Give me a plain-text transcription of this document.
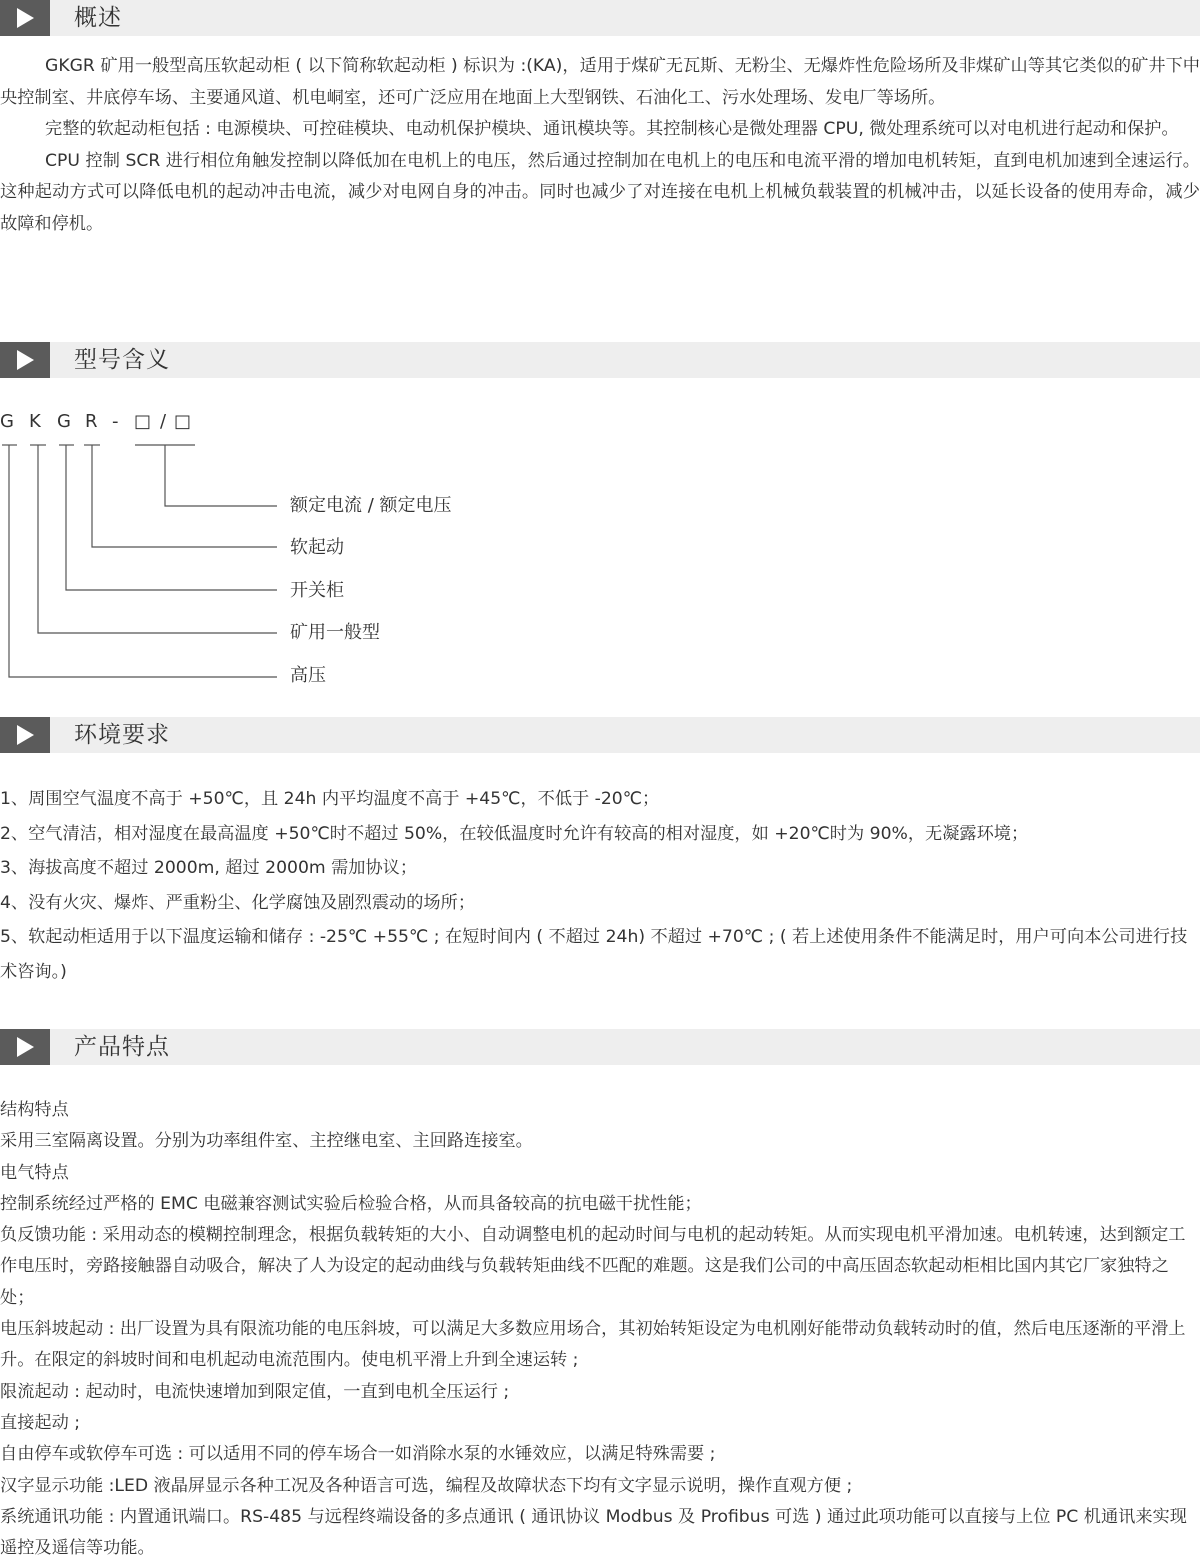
概述

GKGR 矿用一般型高压软起动柜 ( 以下简称软起动柜 ) 标识为 :(KA)，适用于煤矿无瓦斯、无粉尘、无爆炸性危险场所及非煤矿山等其它类似的矿井下中央控制室、井底停车场、主要通风道、机电峒室，还可广泛应用在地面上大型钢铁、石油化工、污水处理场、发电厂等场所。

完整的软起动柜包括 : 电源模块、可控硅模块、电动机保护模块、通讯模块等。其控制核心是微处理器 CPU, 微处理系统可以对电机进行起动和保护。

CPU 控制 SCR 进行相位角触发控制以降低加在电机上的电压，然后通过控制加在电机上的电压和电流平滑的增加电机转矩，直到电机加速到全速运行。这种起动方式可以降低电机的起动冲击电流，减少对电网自身的冲击。同时也减少了对连接在电机上机械负载装置的机械冲击，以延长设备的使用寿命，减少故障和停机。

型号含义
G K G R - □ / □
额定电流 / 额定电压
软起动
开关柜
矿用一般型
高压
环境要求

1、周围空气温度不高于 +50℃，且 24h 内平均温度不高于 +45℃，不低于 -20℃；

2、空气清洁，相对湿度在最高温度 +50℃时不超过 50%，在较低温度时允许有较高的相对湿度，如 +20℃时为 90%，无凝露环境；

3、海拔高度不超过 2000m, 超过 2000m 需加协议；

4、没有火灾、爆炸、严重粉尘、化学腐蚀及剧烈震动的场所；

5、软起动柜适用于以下温度运输和储存 : -25℃ +55℃ ; 在短时间内 ( 不超过 24h) 不超过 +70℃ ; ( 若上述使用条件不能满足时，用户可向本公司进行技术咨询。)

产品特点

结构特点

采用三室隔离设置。分别为功率组件室、主控继电室、主回路连接室。

电气特点

控制系统经过严格的 EMC 电磁兼容测试实验后检验合格，从而具备较高的抗电磁干扰性能；

负反馈功能 : 采用动态的模糊控制理念，根据负载转矩的大小、自动调整电机的起动时间与电机的起动转矩。从而实现电机平滑加速。电机转速，达到额定工作电压时，旁路接触器自动吸合，解决了人为设定的起动曲线与负载转矩曲线不匹配的难题。这是我们公司的中高压固态软起动柜相比国内其它厂家独特之处；

电压斜坡起动 : 出厂设置为具有限流功能的电压斜坡，可以满足大多数应用场合，其初始转矩设定为电机刚好能带动负载转动时的值，然后电压逐渐的平滑上升。在限定的斜坡时间和电机起动电流范围内。使电机平滑上升到全速运转 ;

限流起动 : 起动时，电流快速增加到限定值，一直到电机全压运行 ;

直接起动 ;

自由停车或软停车可选 : 可以适用不同的停车场合一如消除水泵的水锤效应，以满足特殊需要 ;

汉字显示功能 :LED 液晶屏显示各种工况及各种语言可选，编程及故障状态下均有文字显示说明，操作直观方便 ;

系统通讯功能 : 内置通讯端口。RS-485 与远程终端设备的多点通讯 ( 通讯协议 Modbus 及 Profibus 可选 ) 通过此项功能可以直接与上位 PC 机通讯来实现遥控及遥信等功能。
